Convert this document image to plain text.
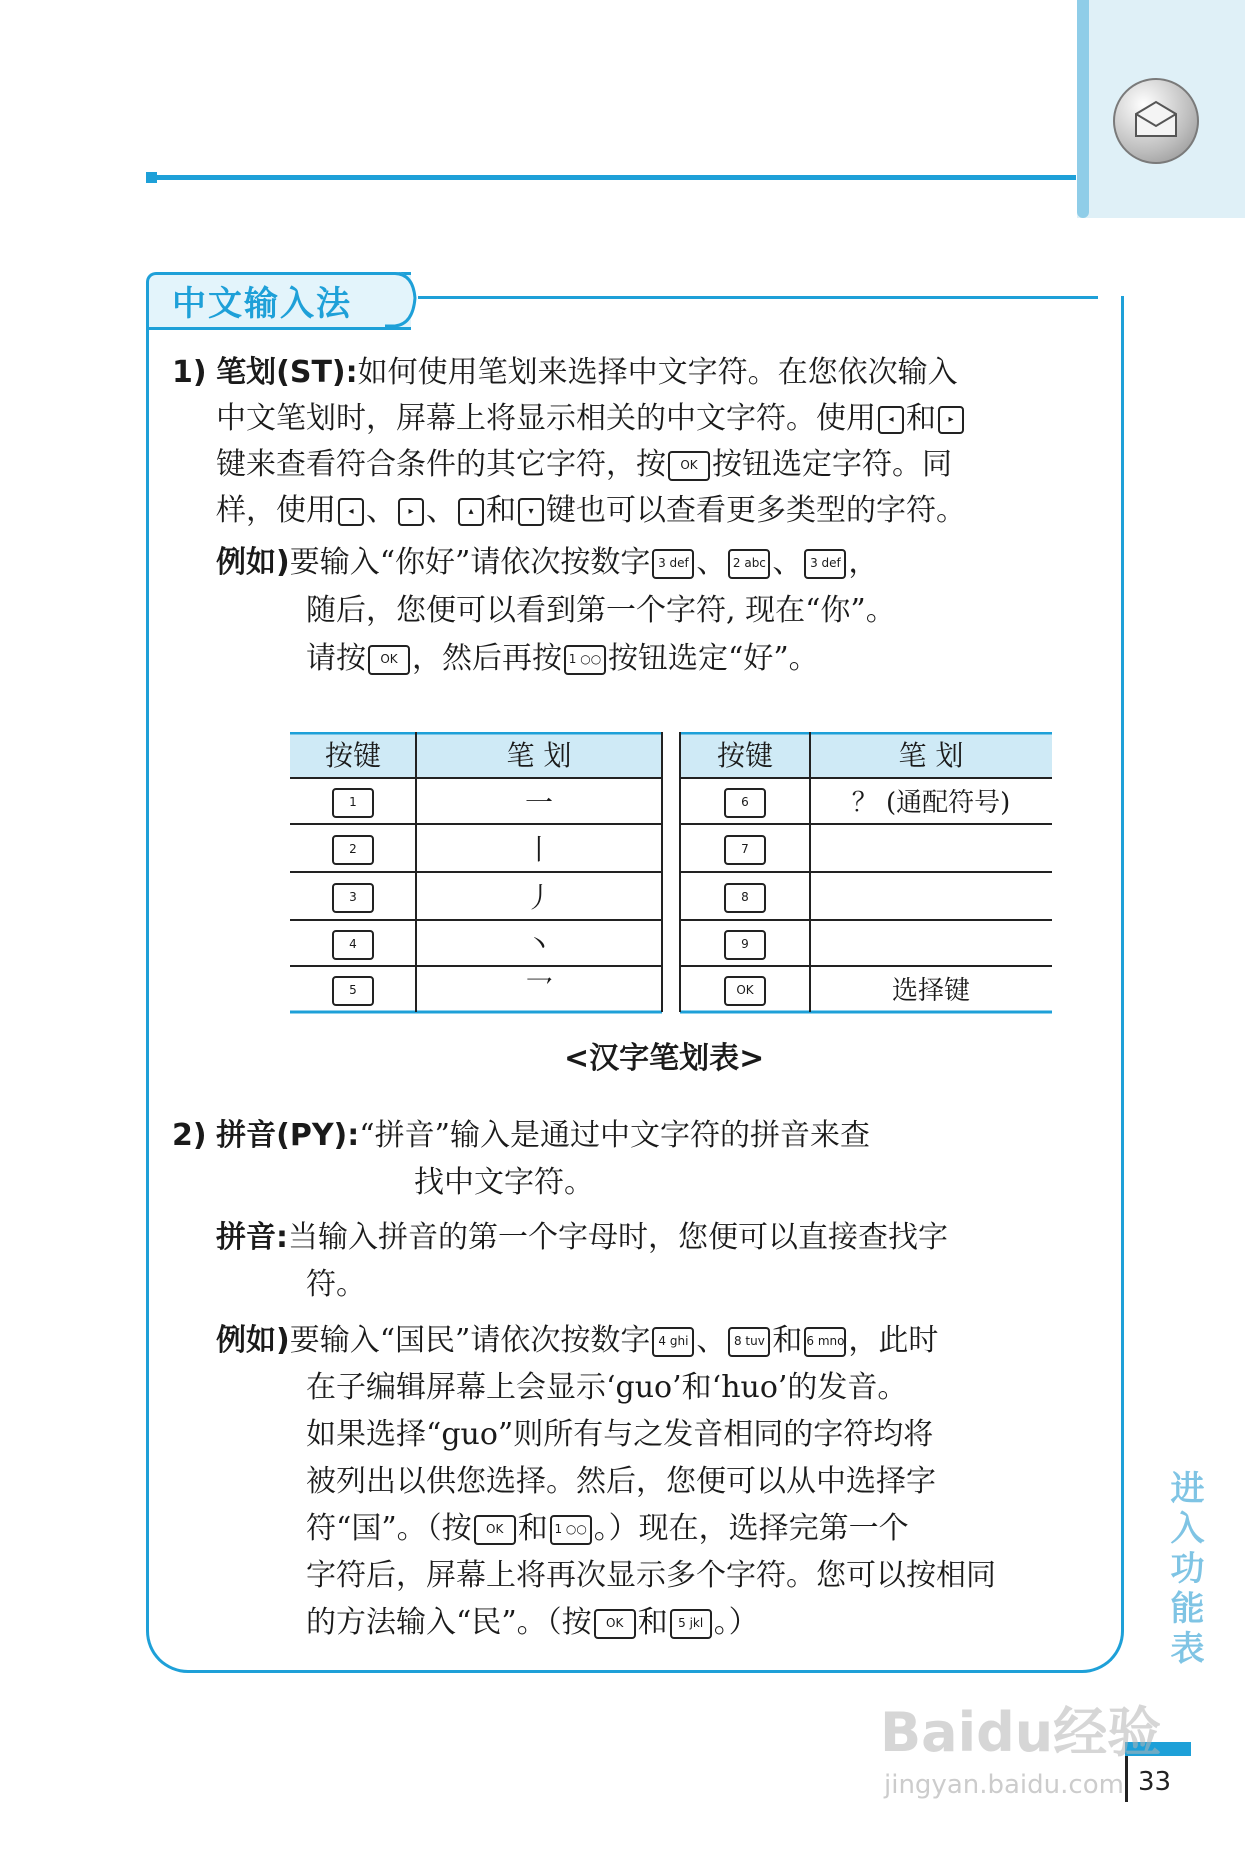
中文输入法
1) 笔划(ST):如何使用笔划来选择中文字符。在您依次输入
中文笔划时，屏幕上将显示相关的中文字符。使用 ◂ 和 ▸
键来查看符合条件的其它字符，按 OK 按钮选定字符。同
样，使用 ◂ 、 ▸ 、 ▴ 和 ▾ 键也可以查看更多类型的字符。
例如)要输入“你好”请依次按数字 3 def 、 2 abc 、 3 def ，
随后，您便可以看到第一个字符, 现在“你”。
请按 OK ，然后再按 1 ○○ 按钮选定“好”。
按键	笔 划	按键	笔 划
1	一	6	？ (通配符号)
2	丨	7
3	丿	8
4	丶	9
5	乛	OK	选择键
<汉字笔划表>
2) 拼音(PY):“拼音”输入是通过中文字符的拼音来查
找中文字符。
拼音:当输入拼音的第一个字母时，您便可以直接查找字
符。
例如)要输入“国民”请依次按数字 4 ghi 、 8 tuv 和 6 mno ，此时
在子编辑屏幕上会显示‘guo’和‘huo’的发音。
如果选择“guo”则所有与之发音相同的字符均将
被列出以供您选择。然后，您便可以从中选择字
符“国”。（按 OK 和 1 ○○ 。）现在，选择完第一个
字符后，屏幕上将再次显示多个字符。您可以按相同
的方法输入“民”。（按 OK 和 5 jkl 。）	进入功能表
33
Baidu经验
jingyan.baidu.com
